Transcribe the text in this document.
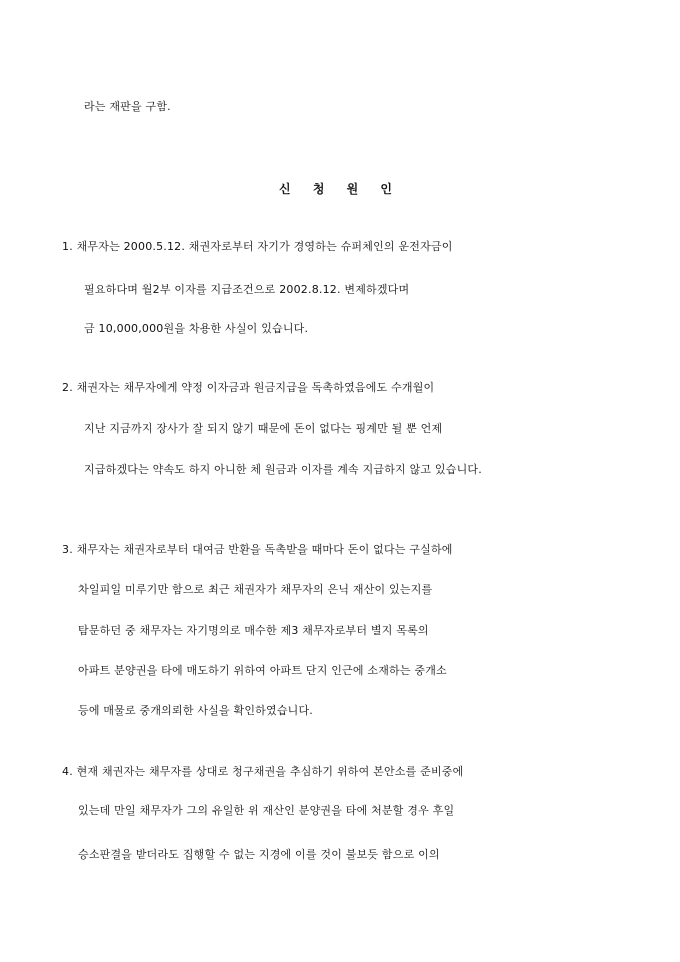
라는 재판을 구함.
신 청 원 인
1. 채무자는 2000.5.12. 채권자로부터 자기가 경영하는 슈퍼체인의 운전자금이
필요하다며 월2부 이자를 지급조건으로 2002.8.12. 변제하겠다며
금 10,000,000원을 차용한 사실이 있습니다.
2. 채권자는 채무자에게 약정 이자금과 원금지급을 독촉하였음에도 수개월이
지난 지금까지 장사가 잘 되지 않기 때문에 돈이 없다는 핑계만 될 뿐 언제
지급하겠다는 약속도 하지 아니한 체 원금과 이자를 계속 지급하지 않고 있습니다.
3. 채무자는 채권자로부터 대여금 반환을 독촉받을 때마다 돈이 없다는 구실하에
차일피일 미루기만 함으로 최근 채권자가 채무자의 은닉 재산이 있는지를
탐문하던 중 채무자는 자기명의로 매수한 제3 채무자로부터 별지 목록의
아파트 분양권을 타에 매도하기 위하여 아파트 단지 인근에 소재하는 중개소
등에 매물로 중개의뢰한 사실을 확인하였습니다.
4. 현재 채권자는 채무자를 상대로 청구채권을 추심하기 위하여 본안소를 준비중에
있는데 만일 채무자가 그의 유일한 위 재산인 분양권을 타에 처분할 경우 후일
승소판결을 받더라도 집행할 수 없는 지경에 이를 것이 불보듯 함으로 이의
